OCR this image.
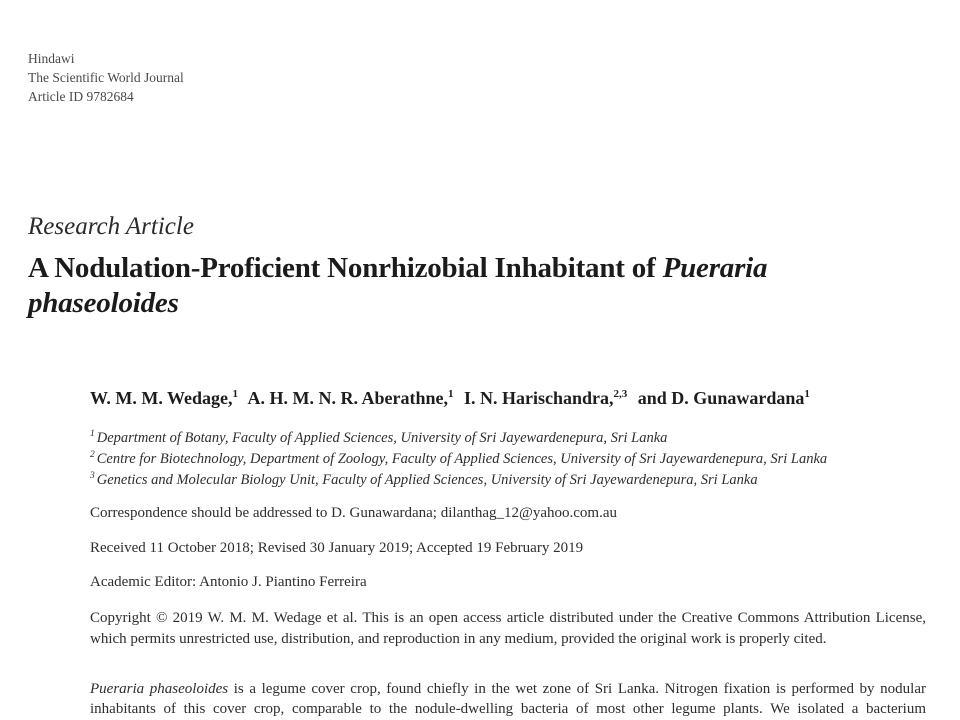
Hindawi
The Scientific World Journal
Article ID 9782684
Research Article
A Nodulation-Proficient Nonrhizobial Inhabitant of Pueraria
phaseoloides
W. M. M. Wedage,$^1$ A. H. M. N. R. Aberathne,$^1$ I. N. Harischandra,$^{2,3}$ and D. Gunawardana$^1$
$^1$ Department of Botany, Faculty of Applied Sciences, University of Sri Jayewardenepura, Sri Lanka
$^2$ Centre for Biotechnology, Department of Zoology, Faculty of Applied Sciences, University of Sri Jayewardenepura, Sri Lanka
$^3$ Genetics and Molecular Biology Unit, Faculty of Applied Sciences, University of Sri Jayewardenepura, Sri Lanka

Correspondence should be addressed to D. Gunawardana; dilanthag_12@yahoo.com.au

Received 11 October 2018; Revised 30 January 2019; Accepted 19 February 2019

Academic Editor: Antonio J. Piantino Ferreira

Copyright © 2019 W. M. M. Wedage et al. This is an open access article distributed under the Creative Commons Attribution License, which permits unrestricted use, distribution, and reproduction in any medium, provided the original work is properly cited.

Pueraria phaseoloides is a legume cover crop, found chiefly in the wet zone of Sri Lanka. Nitrogen fixation is performed by nodular inhabitants of this cover crop, comparable to the nodule-dwelling bacteria of most other legume plants. We isolated a bacterium
